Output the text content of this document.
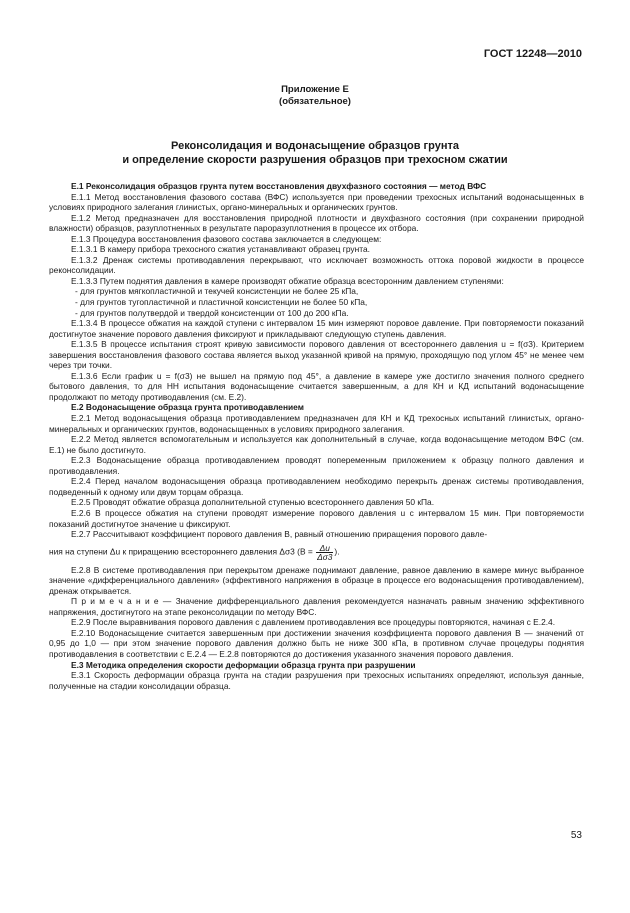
ГОСТ 12248—2010
Приложение Е
(обязательное)
Реконсолидация и водонасыщение образцов грунта
и определение скорости разрушения образцов при трехосном сжатии

Е.1 Реконсолидация образцов грунта путем восстановления двухфазного состояния — метод ВФС

Е.1.1 Метод восстановления фазового состава (ВФС) используется при проведении трехосных испытаний водонасыщенных в условиях природного залегания глинистых, органо-минеральных и органических грунтов.

Е.1.2 Метод предназначен для восстановления природной плотности и двухфазного состояния (при сохранении природной влажности) образцов, разуплотненных в результате пароразуплотнения в процессе их отбора.

Е.1.3 Процедура восстановления фазового состава заключается в следующем:

Е.1.3.1 В камеру прибора трехосного сжатия устанавливают образец грунта.

Е.1.3.2 Дренаж системы противодавления перекрывают, что исключает возможность оттока поровой жидкости в процессе реконсолидации.

Е.1.3.3 Путем поднятия давления в камере производят обжатие образца всесторонним давлением ступенями:

- для грунтов мягкопластичной и текучей консистенции не более 25 кПа,

- для грунтов тугопластичной и пластичной консистенции не более 50 кПа,

- для грунтов полутвердой и твердой консистенции от 100 до 200 кПа.

Е.1.3.4 В процессе обжатия на каждой ступени с интервалом 15 мин измеряют поровое давление. При повторяемости показаний достигнутое значение порового давления фиксируют и прикладывают следующую ступень давления.

Е.1.3.5 В процессе испытания строят кривую зависимости порового давления от всестороннего давления u = f(σ3). Критерием завершения восстановления фазового состава является выход указанной кривой на прямую, проходящую под углом 45° не менее чем через три точки.

Е.1.3.6 Если график u = f(σ3) не вышел на прямую под 45°, а давление в камере уже достигло значения полного среднего бытового давления, то для НН испытания водонасыщение считается завершенным, а для КН и КД испытаний водонасыщение продолжают по методу противодавления (см. Е.2).

Е.2 Водонасыщение образца грунта противодавлением

Е.2.1 Метод водонасыщения образца противодавлением предназначен для КН и КД трехосных испытаний глинистых, органо-минеральных и органических грунтов, водонасыщенных в условиях природного залегания.

Е.2.2 Метод является вспомогательным и используется как дополнительный в случае, когда водонасыщение методом ВФС (см. Е.1) не было достигнуто.

Е.2.3 Водонасыщение образца противодавлением проводят попеременным приложением к образцу полного давления и противодавления.

Е.2.4 Перед началом водонасыщения образца противодавлением необходимо перекрыть дренаж системы противодавления, подведенный к одному или двум торцам образца.

Е.2.5 Проводят обжатие образца дополнительной ступенью всестороннего давления 50 кПа.

Е.2.6 В процессе обжатия на ступени проводят измерение порового давления u с интервалом 15 мин. При повторяемости показаний достигнутое значение u фиксируют.

Е.2.7 Рассчитывают коэффициент порового давления B, равный отношению приращения порового давле-

ния на ступени Δu к приращению всестороннего давления Δσ3 ($B = \frac{\Delta u}{\Delta\sigma 3}$ ).

Е.2.8 В системе противодавления при перекрытом дренаже поднимают давление, равное давлению в камере минус выбранное значение «дифференциального давления» (эффективного напряжения в образце в процессе его водонасыщения противодавлением), дренаж открывается.

П р и м е ч а н и е — Значение дифференциального давления рекомендуется назначать равным значению эффективного напряжения, достигнутого на этапе реконсолидации по методу ВФС.

Е.2.9 После выравнивания порового давления с давлением противодавления все процедуры повторяются, начиная с Е.2.4.

Е.2.10 Водонасыщение считается завершенным при достижении значения коэффициента порового давления B — значений от 0,95 до 1,0 — при этом значение порового давления должно быть не ниже 300 кПа, в противном случае процедуры поднятия противодавления в соответствии с Е.2.4 — Е.2.8 повторяются до достижения указанного значения порового давления.

Е.3 Методика определения скорости деформации образца грунта при разрушении

Е.3.1 Скорость деформации образца грунта на стадии разрушения при трехосных испытаниях определяют, используя данные, полученные на стадии консолидации образца.

53
